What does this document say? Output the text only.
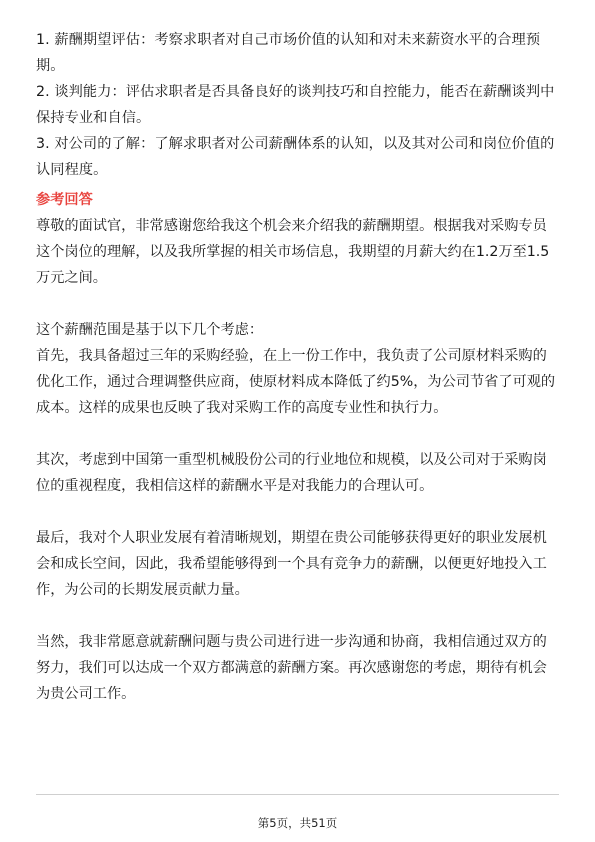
1. 薪酬期望评估：考察求职者对自己市场价值的认知和对未来薪资水平的合理预期。

2. 谈判能力：评估求职者是否具备良好的谈判技巧和自控能力，能否在薪酬谈判中保持专业和自信。

3. 对公司的了解：了解求职者对公司薪酬体系的认知，以及其对公司和岗位价值的认同程度。

参考回答

尊敬的面试官，非常感谢您给我这个机会来介绍我的薪酬期望。根据我对采购专员这个岗位的理解，以及我所掌握的相关市场信息，我期望的月薪大约在1.2万至1.5万元之间。

这个薪酬范围是基于以下几个考虑：

首先，我具备超过三年的采购经验，在上一份工作中，我负责了公司原材料采购的优化工作，通过合理调整供应商，使原材料成本降低了约5%，为公司节省了可观的成本。这样的成果也反映了我对采购工作的高度专业性和执行力。

其次，考虑到中国第一重型机械股份公司的行业地位和规模，以及公司对于采购岗位的重视程度，我相信这样的薪酬水平是对我能力的合理认可。

最后，我对个人职业发展有着清晰规划，期望在贵公司能够获得更好的职业发展机会和成长空间，因此，我希望能够得到一个具有竞争力的薪酬，以便更好地投入工作，为公司的长期发展贡献力量。

当然，我非常愿意就薪酬问题与贵公司进行进一步沟通和协商，我相信通过双方的努力，我们可以达成一个双方都满意的薪酬方案。再次感谢您的考虑，期待有机会为贵公司工作。

第5页，共51页
